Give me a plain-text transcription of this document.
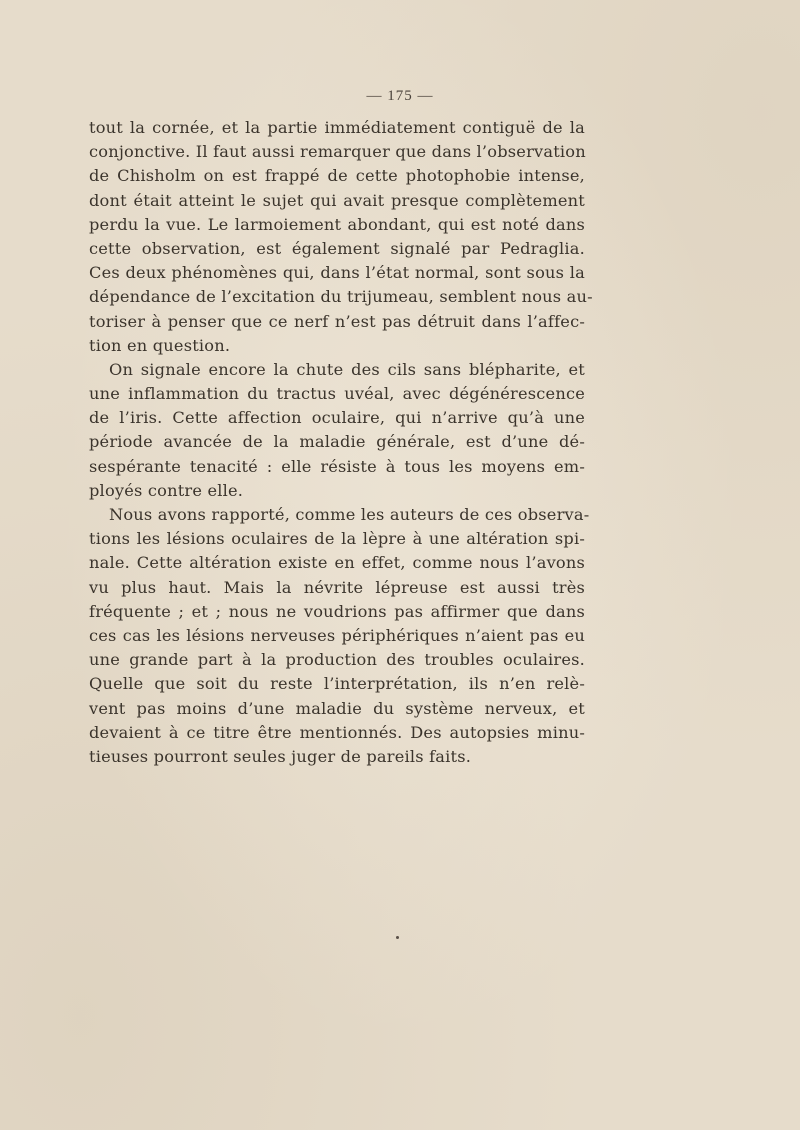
— 175 —
tout la cornée, et la partie immédiatement contiguë de la
conjonctive. Il faut aussi remarquer que dans l’observation
de Chisholm on est frappé de cette photophobie intense,
dont était atteint le sujet qui avait presque complètement
perdu la vue. Le larmoiement abondant, qui est noté dans
cette observation, est également signalé par Pedraglia.
Ces deux phénomènes qui, dans l’état normal, sont sous la
dépendance de l’excitation du trijumeau, semblent nous au-
toriser à penser que ce nerf n’est pas détruit dans l’affec-
tion en question.
On signale encore la chute des cils sans blépharite, et
une inflammation du tractus uvéal, avec dégénérescence
de l’iris. Cette affection oculaire, qui n’arrive qu’à une
période avancée de la maladie générale, est d’une dé-
sespérante tenacité : elle résiste à tous les moyens em-
ployés contre elle.
Nous avons rapporté, comme les auteurs de ces observa-
tions les lésions oculaires de la lèpre à une altération spi-
nale. Cette altération existe en effet, comme nous l’avons
vu plus haut. Mais la névrite lépreuse est aussi très
fréquente ; et ; nous ne voudrions pas affirmer que dans
ces cas les lésions nerveuses périphériques n’aient pas eu
une grande part à la production des troubles oculaires.
Quelle que soit du reste l’interprétation, ils n’en relè-
vent pas moins d’une maladie du système nerveux, et
devaient à ce titre être mentionnés. Des autopsies minu-
tieuses pourront seules juger de pareils faits.
